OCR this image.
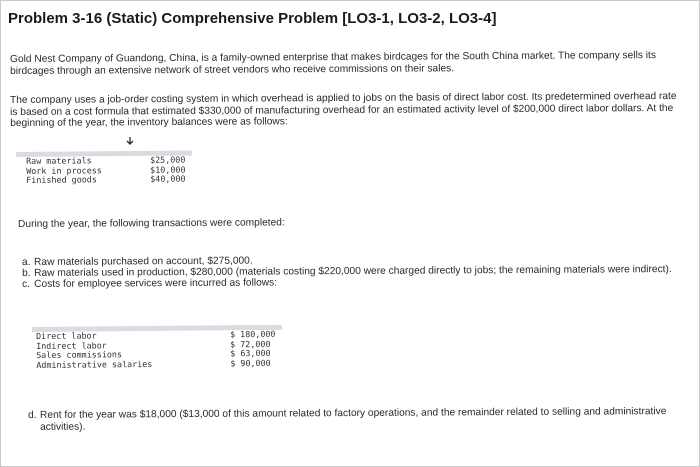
Problem 3-16 (Static) Comprehensive Problem [LO3-1, LO3-2, LO3-4]

Gold Nest Company of Guandong, China, is a family-owned enterprise that makes birdcages for the South China market. The company sells its birdcages through an extensive network of street vendors who receive commissions on their sales.

The company uses a job-order costing system in which overhead is applied to jobs on the basis of direct labor cost. Its predetermined overhead rate is based on a cost formula that estimated $330,000 of manufacturing overhead for an estimated activity level of $200,000 direct labor dollars. At the beginning of the year, the inventory balances were as follows:

Raw materials	$25,000
Work in process	$10,000
Finished goods	$40,000

During the year, the following transactions were completed:

a. Raw materials purchased on account, $275,000.
b. Raw materials used in production, $280,000 (materials costing $220,000 were charged directly to jobs; the remaining materials were indirect).
c. Costs for employee services were incurred as follows:
Direct labor	$ 180,000
Indirect labor	$ 72,000
Sales commissions	$ 63,000
Administrative salaries	$ 90,000
d. Rent for the year was $18,000 ($13,000 of this amount related to factory operations, and the remainder related to selling and administrative activities).
